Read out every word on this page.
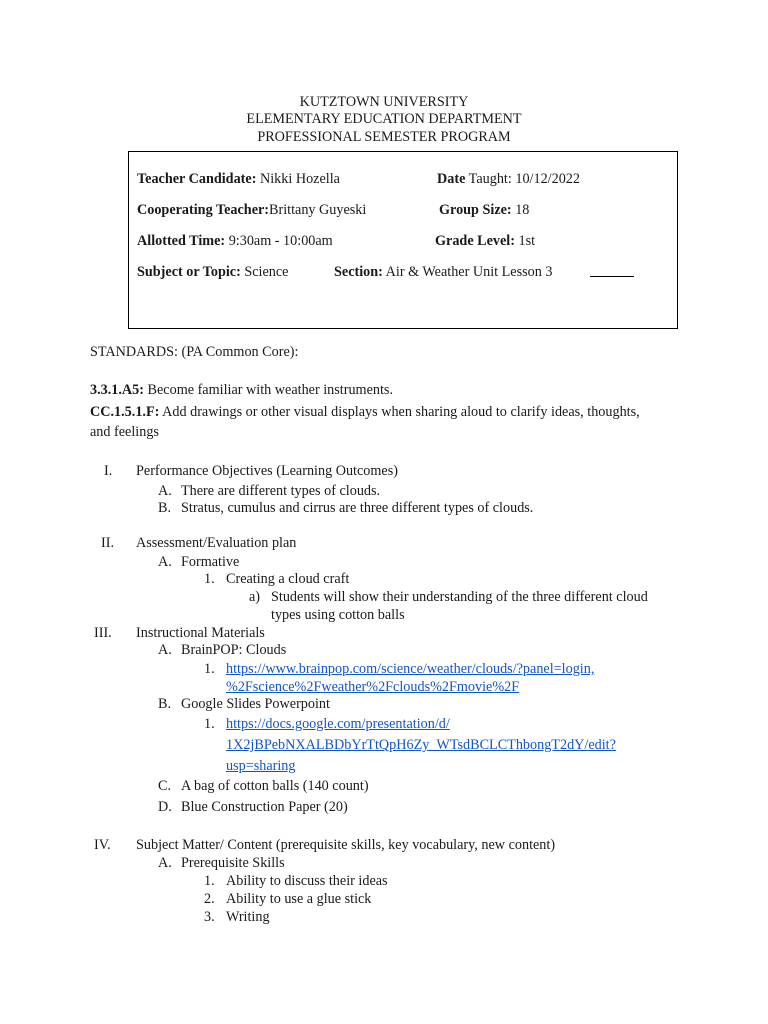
KUTZTOWN UNIVERSITY
ELEMENTARY EDUCATION DEPARTMENT
PROFESSIONAL SEMESTER PROGRAM
Teacher Candidate: Nikki Hozella	Date Taught: 10/12/2022
Cooperating Teacher:Brittany Guyeski	Group Size: 18
Allotted Time: 9:30am - 10:00am	Grade Level: 1st
Subject or Topic: Science	Section: Air & Weather Unit Lesson 3
STANDARDS: (PA Common Core):
3.3.1.A5: Become familiar with weather instruments.
CC.1.5.1.F: Add drawings or other visual displays when sharing aloud to clarify ideas, thoughts,
and feelings
I. Performance Objectives (Learning Outcomes)
A. There are different types of clouds.
B. Stratus, cumulus and cirrus are three different types of clouds.
II. Assessment/Evaluation plan
A. Formative
1. Creating a cloud craft
a) Students will show their understanding of the three different cloud
types using cotton balls
III. Instructional Materials
A. BrainPOP: Clouds
1. https://www.brainpop.com/science/weather/clouds/?panel=login,
%2Fscience%2Fweather%2Fclouds%2Fmovie%2F
B. Google Slides Powerpoint
1. https://docs.google.com/presentation/d/
1X2jBPebNXALBDbYrTtQpH6Zy_WTsdBCLCThbongT2dY/edit?
usp=sharing
C. A bag of cotton balls (140 count)
D. Blue Construction Paper (20)
IV. Subject Matter/ Content (prerequisite skills, key vocabulary, new content)
A. Prerequisite Skills
1. Ability to discuss their ideas
2. Ability to use a glue stick
3. Writing
